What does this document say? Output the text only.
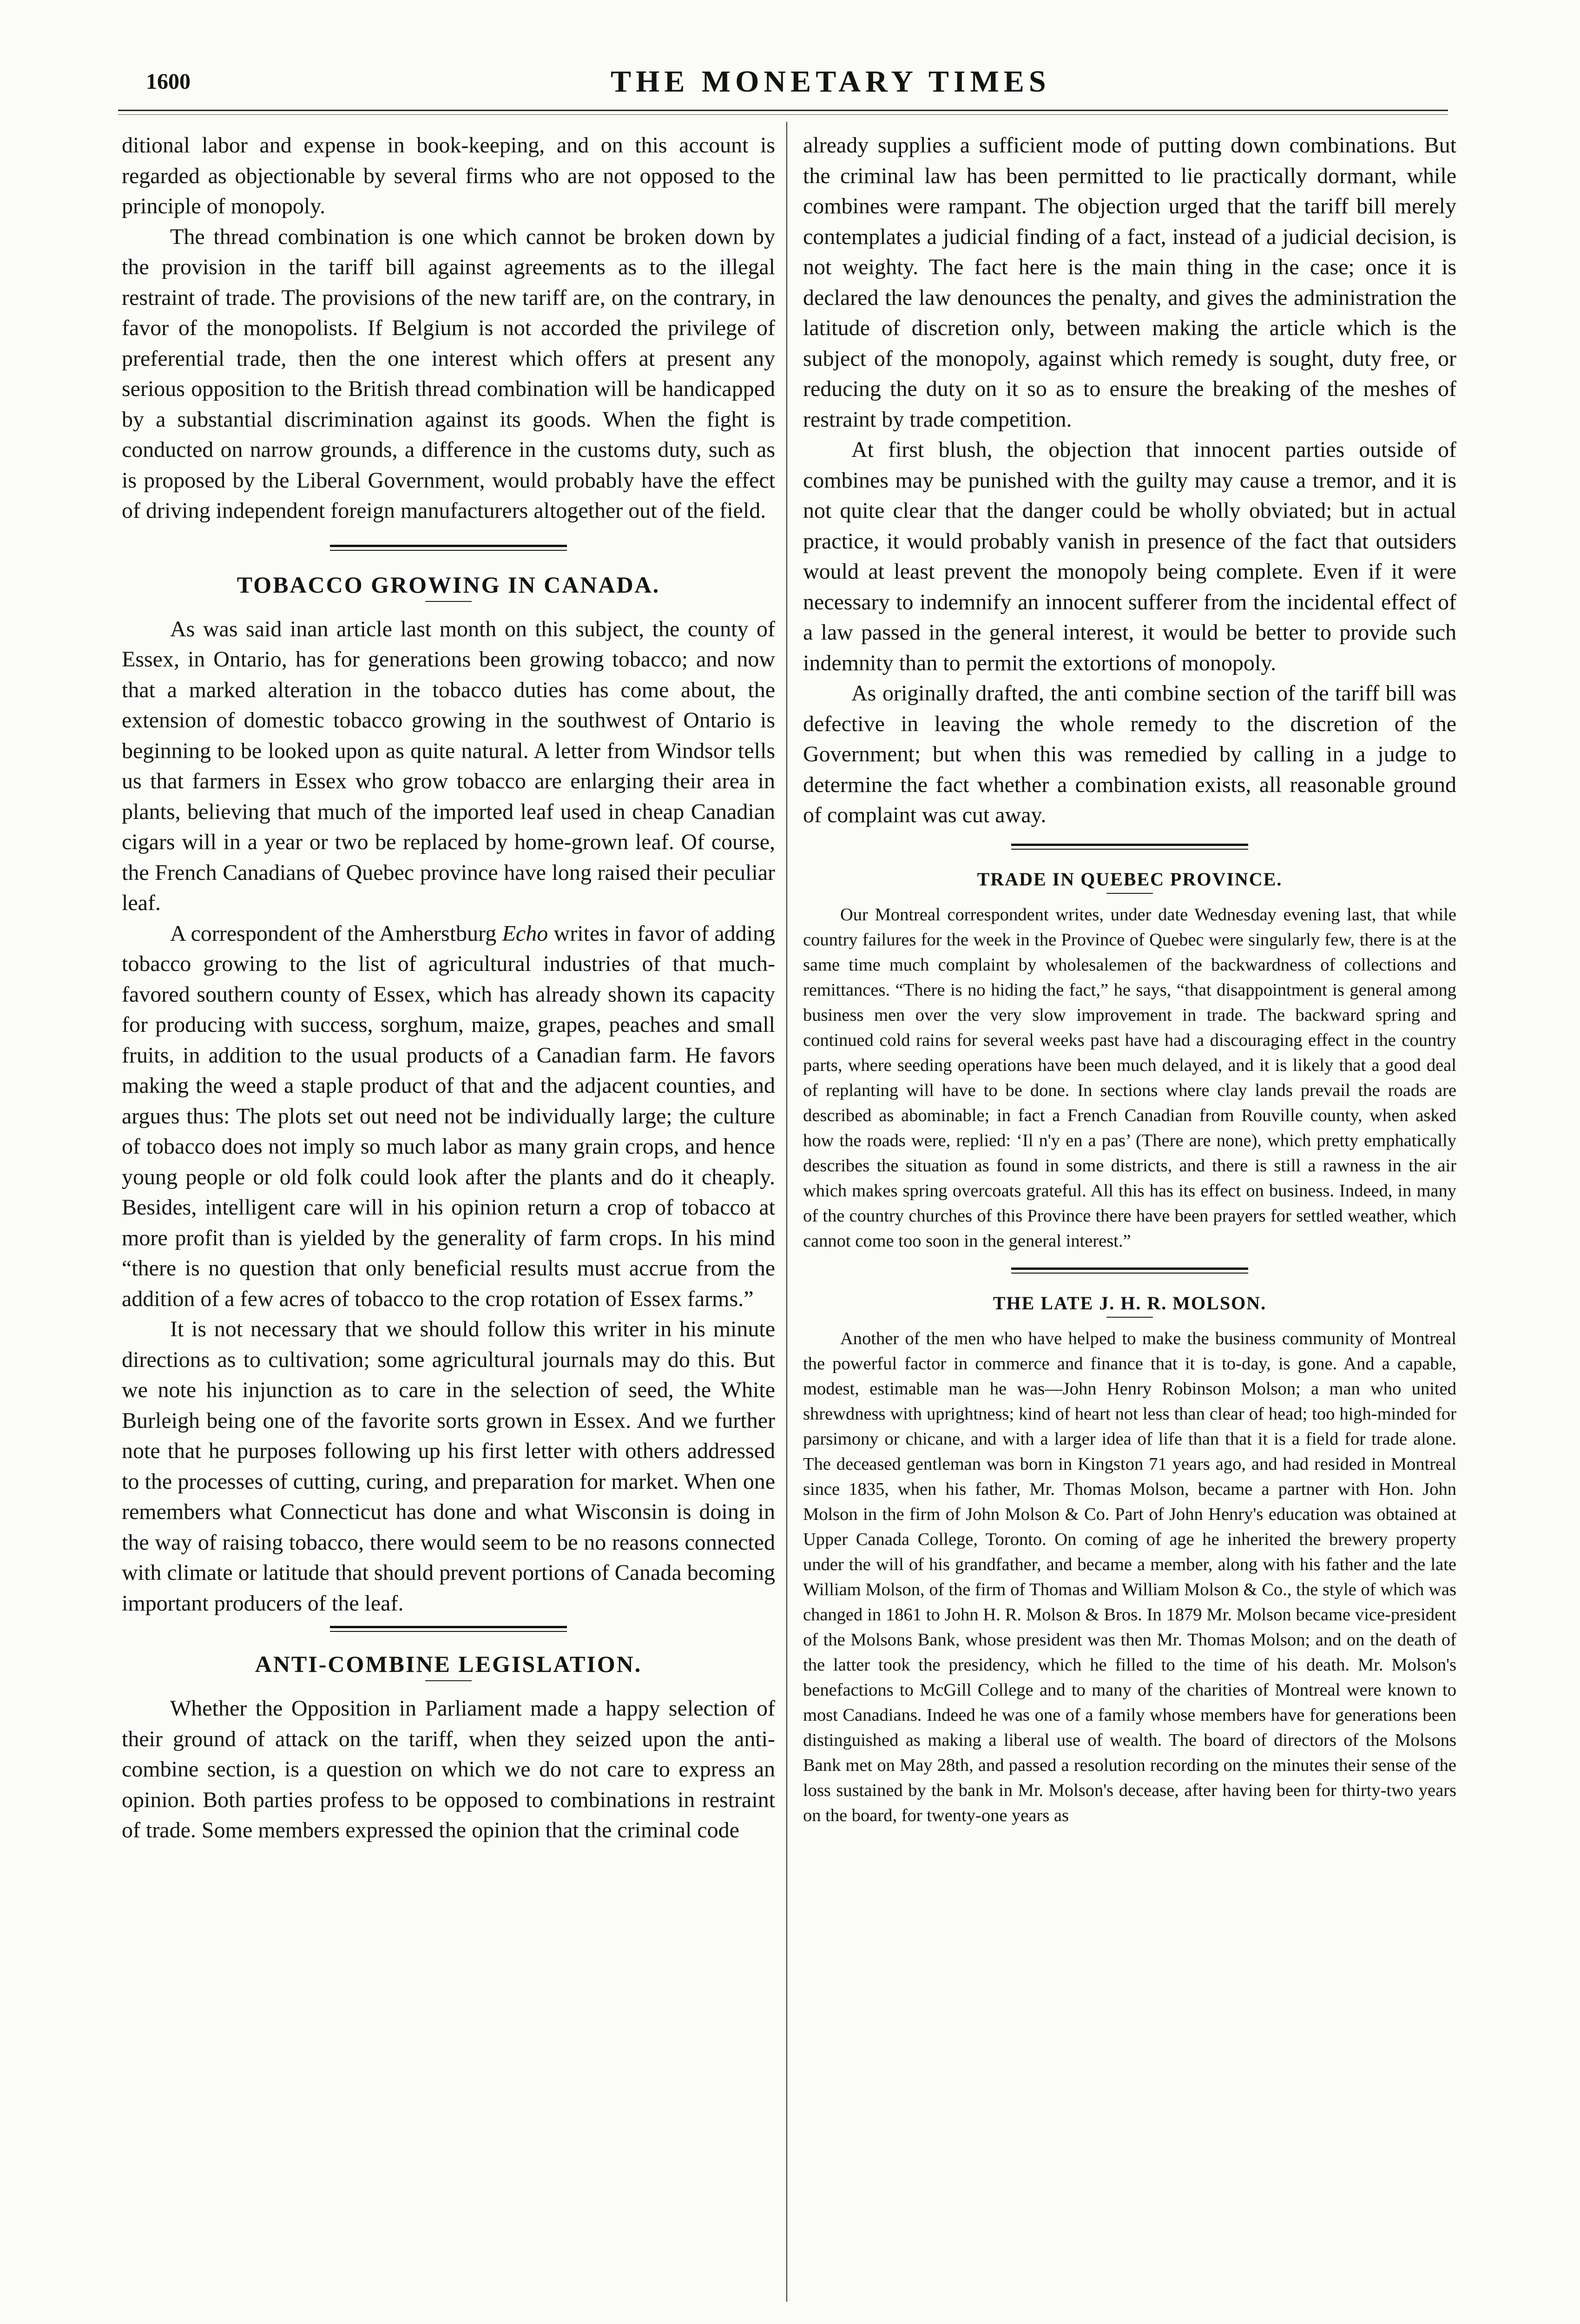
1600	THE MONETARY TIMES

ditional labor and expense in book-keeping, and on this account is regarded as objectionable by several firms who are not opposed to the principle of monopoly.

The thread combination is one which cannot be broken down by the provision in the tariff bill against agreements as to the illegal restraint of trade. The provisions of the new tariff are, on the contrary, in favor of the monopolists. If Belgium is not accorded the privilege of preferential trade, then the one interest which offers at present any serious opposition to the British thread combination will be handicapped by a substantial discrimination against its goods. When the fight is conducted on narrow grounds, a difference in the customs duty, such as is proposed by the Liberal Government, would probably have the effect of driving independent foreign manufacturers altogether out of the field.

TOBACCO GROWING IN CANADA.

As was said inan article last month on this subject, the county of Essex, in Ontario, has for generations been growing tobacco; and now that a marked alteration in the tobacco duties has come about, the extension of domestic tobacco growing in the southwest of Ontario is beginning to be looked upon as quite natural. A letter from Windsor tells us that farmers in Essex who grow tobacco are enlarging their area in plants, believing that much of the imported leaf used in cheap Canadian cigars will in a year or two be replaced by home-grown leaf. Of course, the French Canadians of Quebec province have long raised their peculiar leaf.

A correspondent of the Amherstburg Echo writes in favor of adding tobacco growing to the list of agricultural industries of that much-favored southern county of Essex, which has already shown its capacity for producing with success, sorghum, maize, grapes, peaches and small fruits, in addition to the usual products of a Canadian farm. He favors making the weed a staple product of that and the adjacent counties, and argues thus: The plots set out need not be individually large; the culture of tobacco does not imply so much labor as many grain crops, and hence young people or old folk could look after the plants and do it cheaply. Besides, intelligent care will in his opinion return a crop of tobacco at more profit than is yielded by the generality of farm crops. In his mind “there is no question that only beneficial results must accrue from the addition of a few acres of tobacco to the crop rotation of Essex farms.”

It is not necessary that we should follow this writer in his minute directions as to cultivation; some agricultural journals may do this. But we note his injunction as to care in the selection of seed, the White Burleigh being one of the favorite sorts grown in Essex. And we further note that he purposes following up his first letter with others addressed to the processes of cutting, curing, and preparation for market. When one remembers what Connecticut has done and what Wisconsin is doing in the way of raising tobacco, there would seem to be no reasons connected with climate or latitude that should prevent portions of Canada becoming important producers of the leaf.

ANTI-COMBINE LEGISLATION.

Whether the Opposition in Parliament made a happy selection of their ground of attack on the tariff, when they seized upon the anti-combine section, is a question on which we do not care to express an opinion. Both parties profess to be opposed to combinations in restraint of trade. Some members expressed the opinion that the criminal code

already supplies a sufficient mode of putting down combinations. But the criminal law has been permitted to lie practically dormant, while combines were rampant. The objection urged that the tariff bill merely contemplates a judicial finding of a fact, instead of a judicial decision, is not weighty. The fact here is the main thing in the case; once it is declared the law denounces the penalty, and gives the administration the latitude of discretion only, between making the article which is the subject of the monopoly, against which remedy is sought, duty free, or reducing the duty on it so as to ensure the breaking of the meshes of restraint by trade competition.

At first blush, the objection that innocent parties outside of combines may be punished with the guilty may cause a tremor, and it is not quite clear that the danger could be wholly obviated; but in actual practice, it would probably vanish in presence of the fact that outsiders would at least prevent the monopoly being complete. Even if it were necessary to indemnify an innocent sufferer from the incidental effect of a law passed in the general interest, it would be better to provide such indemnity than to permit the extortions of monopoly.

As originally drafted, the anti combine section of the tariff bill was defective in leaving the whole remedy to the discretion of the Government; but when this was remedied by calling in a judge to determine the fact whether a combination exists, all reasonable ground of complaint was cut away.

TRADE IN QUEBEC PROVINCE.

Our Montreal correspondent writes, under date Wednesday evening last, that while country failures for the week in the Province of Quebec were singularly few, there is at the same time much complaint by wholesalemen of the backwardness of collections and remittances. “There is no hiding the fact,” he says, “that disappointment is general among business men over the very slow improvement in trade. The backward spring and continued cold rains for several weeks past have had a discouraging effect in the country parts, where seeding operations have been much delayed, and it is likely that a good deal of replanting will have to be done. In sections where clay lands prevail the roads are described as abominable; in fact a French Canadian from Rouville county, when asked how the roads were, replied: ‘Il n'y en a pas’ (There are none), which pretty emphatically describes the situation as found in some districts, and there is still a rawness in the air which makes spring overcoats grateful. All this has its effect on business. Indeed, in many of the country churches of this Province there have been prayers for settled weather, which cannot come too soon in the general interest.”

THE LATE J. H. R. MOLSON.

Another of the men who have helped to make the business community of Montreal the powerful factor in commerce and finance that it is to-day, is gone. And a capable, modest, estimable man he was—John Henry Robinson Molson; a man who united shrewdness with uprightness; kind of heart not less than clear of head; too high-minded for parsimony or chicane, and with a larger idea of life than that it is a field for trade alone. The deceased gentleman was born in Kingston 71 years ago, and had resided in Montreal since 1835, when his father, Mr. Thomas Molson, became a partner with Hon. John Molson in the firm of John Molson & Co. Part of John Henry's education was obtained at Upper Canada College, Toronto. On coming of age he inherited the brewery property under the will of his grandfather, and became a member, along with his father and the late William Molson, of the firm of Thomas and William Molson & Co., the style of which was changed in 1861 to John H. R. Molson & Bros. In 1879 Mr. Molson became vice-president of the Molsons Bank, whose president was then Mr. Thomas Molson; and on the death of the latter took the presidency, which he filled to the time of his death. Mr. Molson's benefactions to McGill College and to many of the charities of Montreal were known to most Canadians. Indeed he was one of a family whose members have for generations been distinguished as making a liberal use of wealth. The board of directors of the Molsons Bank met on May 28th, and passed a resolution recording on the minutes their sense of the loss sustained by the bank in Mr. Molson's decease, after having been for thirty-two years on the board, for twenty-one years as
